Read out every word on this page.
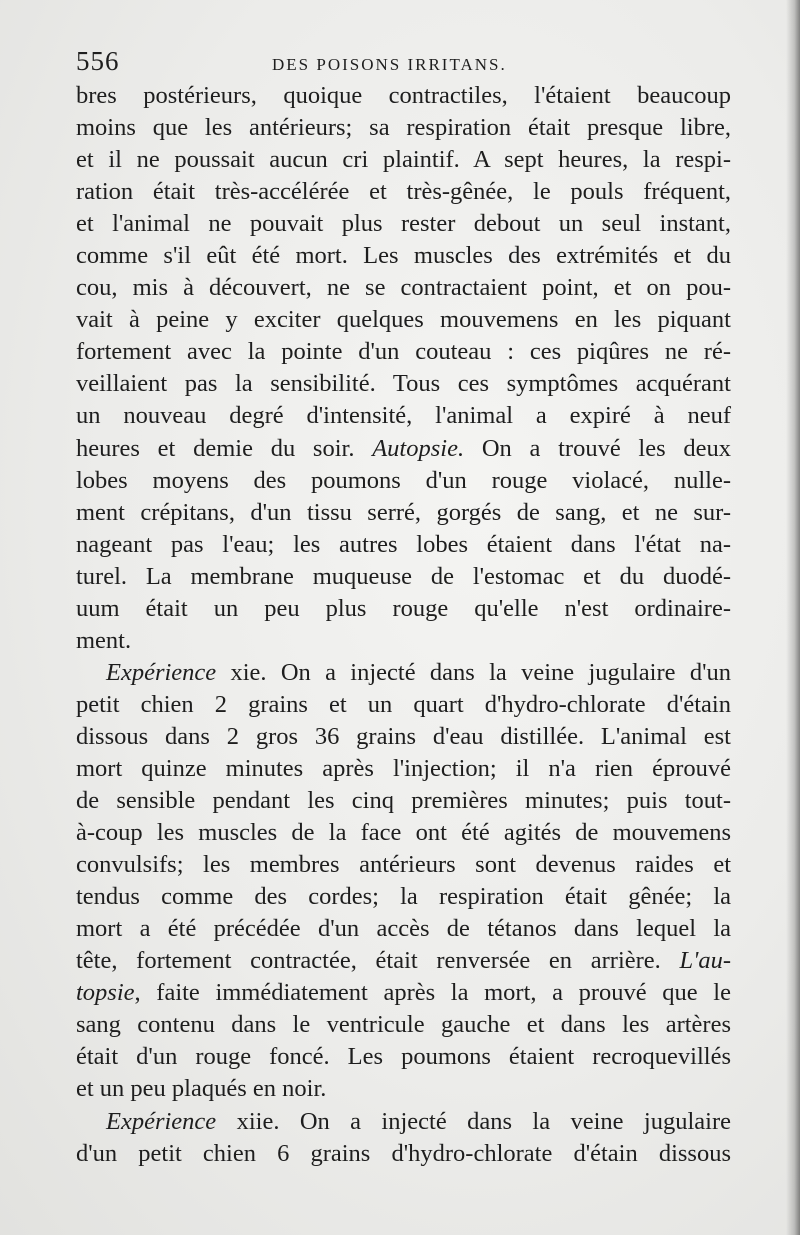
556	DES POISONS IRRITANS.
bres postérieurs, quoique contractiles, l'étaient beaucoup
moins que les antérieurs; sa respiration était presque libre,
et il ne poussait aucun cri plaintif. A sept heures, la respi-
ration était très-accélérée et très-gênée, le pouls fréquent,
et l'animal ne pouvait plus rester debout un seul instant,
comme s'il eût été mort. Les muscles des extrémités et du
cou, mis à découvert, ne se contractaient point, et on pou-
vait à peine y exciter quelques mouvemens en les piquant
fortement avec la pointe d'un couteau : ces piqûres ne ré-
veillaient pas la sensibilité. Tous ces symptômes acquérant
un nouveau degré d'intensité, l'animal a expiré à neuf
heures et demie du soir. Autopsie. On a trouvé les deux
lobes moyens des poumons d'un rouge violacé, nulle-
ment crépitans, d'un tissu serré, gorgés de sang, et ne sur-
nageant pas l'eau; les autres lobes étaient dans l'état na-
turel. La membrane muqueuse de l'estomac et du duodé-
uum était un peu plus rouge qu'elle n'est ordinaire-
ment.
Expérience xie. On a injecté dans la veine jugulaire d'un
petit chien 2 grains et un quart d'hydro-chlorate d'étain
dissous dans 2 gros 36 grains d'eau distillée. L'animal est
mort quinze minutes après l'injection; il n'a rien éprouvé
de sensible pendant les cinq premières minutes; puis tout-
à-coup les muscles de la face ont été agités de mouvemens
convulsifs; les membres antérieurs sont devenus raides et
tendus comme des cordes; la respiration était gênée; la
mort a été précédée d'un accès de tétanos dans lequel la
tête, fortement contractée, était renversée en arrière. L'au-
topsie, faite immédiatement après la mort, a prouvé que le
sang contenu dans le ventricule gauche et dans les artères
était d'un rouge foncé. Les poumons étaient recroquevillés
et un peu plaqués en noir.
Expérience xiie. On a injecté dans la veine jugulaire
d'un petit chien 6 grains d'hydro-chlorate d'étain dissous
